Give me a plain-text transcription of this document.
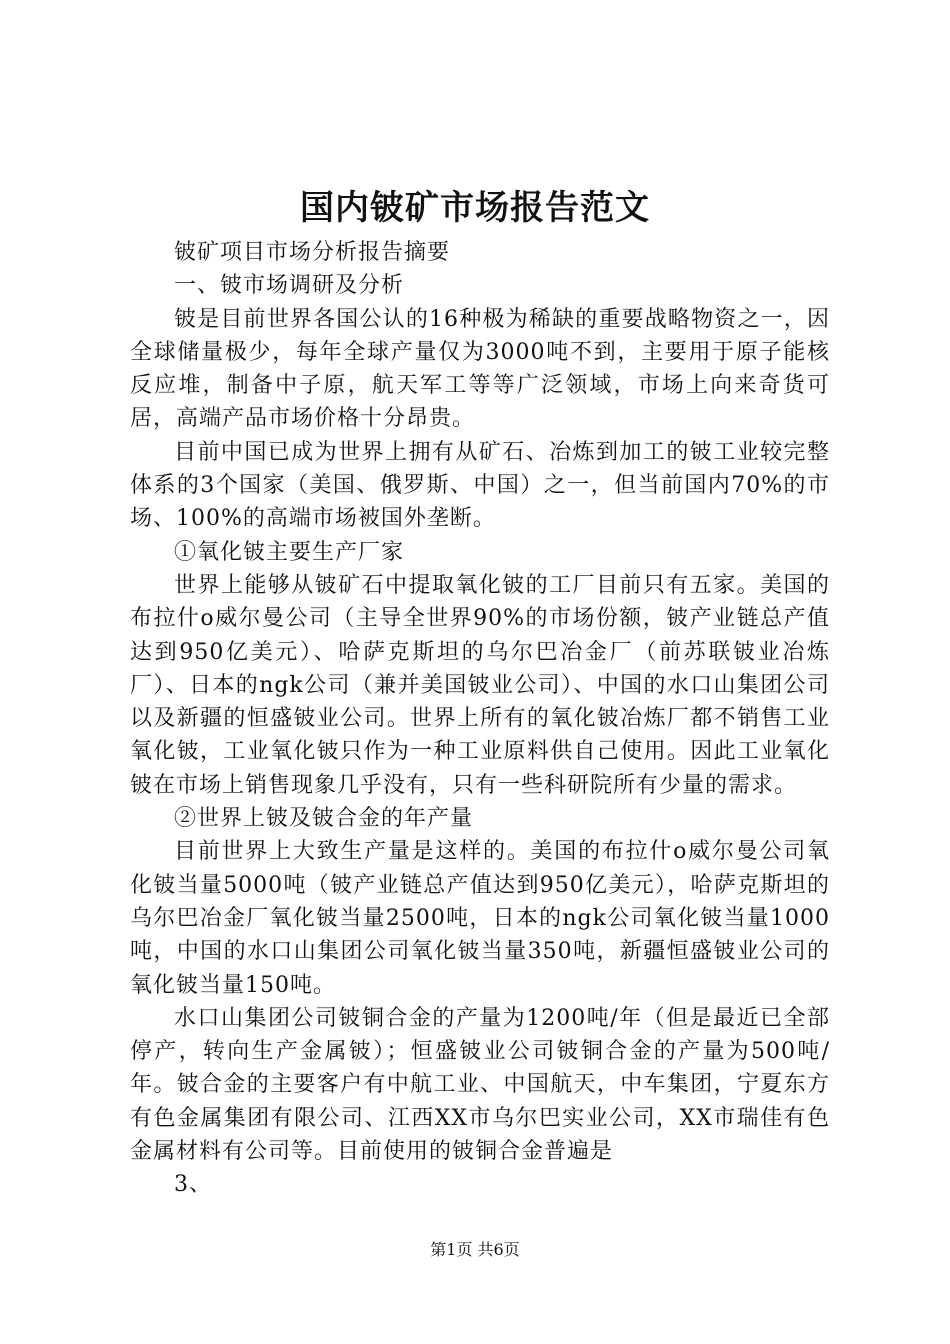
国内铍矿市场报告范文

铍矿项目市场分析报告摘要

一、铍市场调研及分析

铍是目前世界各国公认的16种极为稀缺的重要战略物资之一，因全球储量极少，每年全球产量仅为3000吨不到，主要用于原子能核反应堆，制备中子原，航天军工等等广泛领域，市场上向来奇货可居，高端产品市场价格十分昂贵。

目前中国已成为世界上拥有从矿石、冶炼到加工的铍工业较完整体系的3个国家（美国、俄罗斯、中国）之一，但当前国内70%的市场、100%的高端市场被国外垄断。

①氧化铍主要生产厂家

世界上能够从铍矿石中提取氧化铍的工厂目前只有五家。美国的布拉什o威尔曼公司（主导全世界90%的市场份额，铍产业链总产值达到950亿美元）、哈萨克斯坦的乌尔巴冶金厂（前苏联铍业冶炼厂）、日本的ngk公司（兼并美国铍业公司）、中国的水口山集团公司以及新疆的恒盛铍业公司。世界上所有的氧化铍冶炼厂都不销售工业氧化铍，工业氧化铍只作为一种工业原料供自己使用。因此工业氧化铍在市场上销售现象几乎没有，只有一些科研院所有少量的需求。

②世界上铍及铍合金的年产量

目前世界上大致生产量是这样的。美国的布拉什o威尔曼公司氧化铍当量5000吨（铍产业链总产值达到950亿美元），哈萨克斯坦的乌尔巴冶金厂氧化铍当量2500吨，日本的ngk公司氧化铍当量1000吨，中国的水口山集团公司氧化铍当量350吨，新疆恒盛铍业公司的氧化铍当量150吨。

水口山集团公司铍铜合金的产量为1200吨/年（但是最近已全部停产，转向生产金属铍）；恒盛铍业公司铍铜合金的产量为500吨/年。铍合金的主要客户有中航工业、中国航天，中车集团，宁夏东方有色金属集团有限公司、江西XX市乌尔巴实业公司，XX市瑞佳有色金属材料有公司等。目前使用的铍铜合金普遍是

3、

第1页 共6页
